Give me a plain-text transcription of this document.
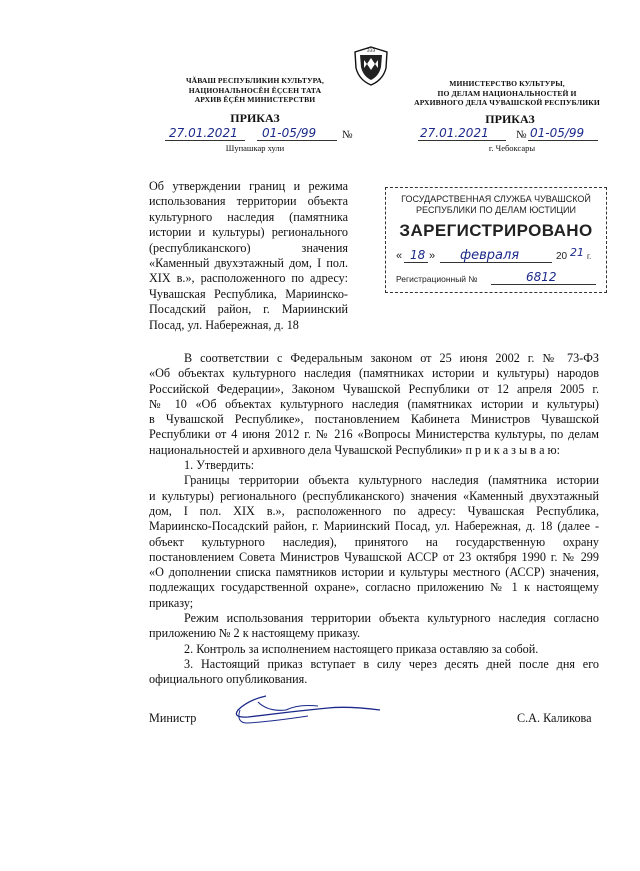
ЭЭЭ
ЧĂВАШ РЕСПУБЛИКИН КУЛЬТУРА,
НАЦИОНАЛЬНОСĔН ĔÇСЕН ТАТА
АРХИВ ĔÇĔН МИНИСТЕРСТВИ
ПРИКАЗ
27.01.2021 01-05/99 №
Шупашкар хули
МИНИСТЕРСТВО КУЛЬТУРЫ,
ПО ДЕЛАМ НАЦИОНАЛЬНОСТЕЙ И
АРХИВНОГО ДЕЛА ЧУВАШСКОЙ РЕСПУБЛИКИ
ПРИКАЗ
27.01.2021 № 01-05/99
г. Чебоксары
Об утверждении границ и режима
использования территории объекта
культурного наследия (памятника
истории и культуры) регионального
(республиканского)          значения
«Каменный двухэтажный дом, I пол.
XIX в.», расположенного по адресу:
Чувашская Республика, Мариинско-
Посадский район, г. Мариинский
Посад, ул. Набережная, д. 18
ГОСУДАРСТВЕННАЯ СЛУЖБА ЧУВАШСКОЙ
РЕСПУБЛИКИ ПО ДЕЛАМ ЮСТИЦИИ
ЗАРЕГИСТРИРОВАНО
« 18 » февраля	20 21 г.
Регистрационный №	6812
В соответствии с Федеральным законом от 25 июня 2002 г. № 73-ФЗ
«Об объектах культурного наследия (памятниках истории и культуры) народов
Российской Федерации», Законом Чувашской Республики от 12 апреля 2005 г.
№ 10 «Об объектах культурного наследия (памятниках истории и культуры)
в Чувашской Республике», постановлением Кабинета Министров Чувашской
Республики от 4 июня 2012 г. № 216 «Вопросы Министерства культуры, по делам
национальностей и архивного дела Чувашской Республики» п р и к а з ы в а ю:
1. Утвердить:
Границы территории объекта культурного наследия (памятника истории
и культуры) регионального (республиканского) значения «Каменный двухэтажный
дом, I пол. XIX в.», расположенного по адресу: Чувашская Республика,
Мариинско-Посадский район, г. Мариинский Посад, ул. Набережная, д. 18 (далее -
объект культурного наследия), принятого на государственную охрану
постановлением Совета Министров Чувашской АССР от 23 октября 1990 г. № 299
«О дополнении списка памятников истории и культуры местного (АССР) значения,
подлежащих государственной охране», согласно приложению № 1 к настоящему
приказу;
Режим использования территории объекта культурного наследия согласно
приложению № 2 к настоящему приказу.
2. Контроль за исполнением настоящего приказа оставляю за собой.
3. Настоящий приказ вступает в силу через десять дней после дня его
официального опубликования.
Министр	С.А. Каликова
